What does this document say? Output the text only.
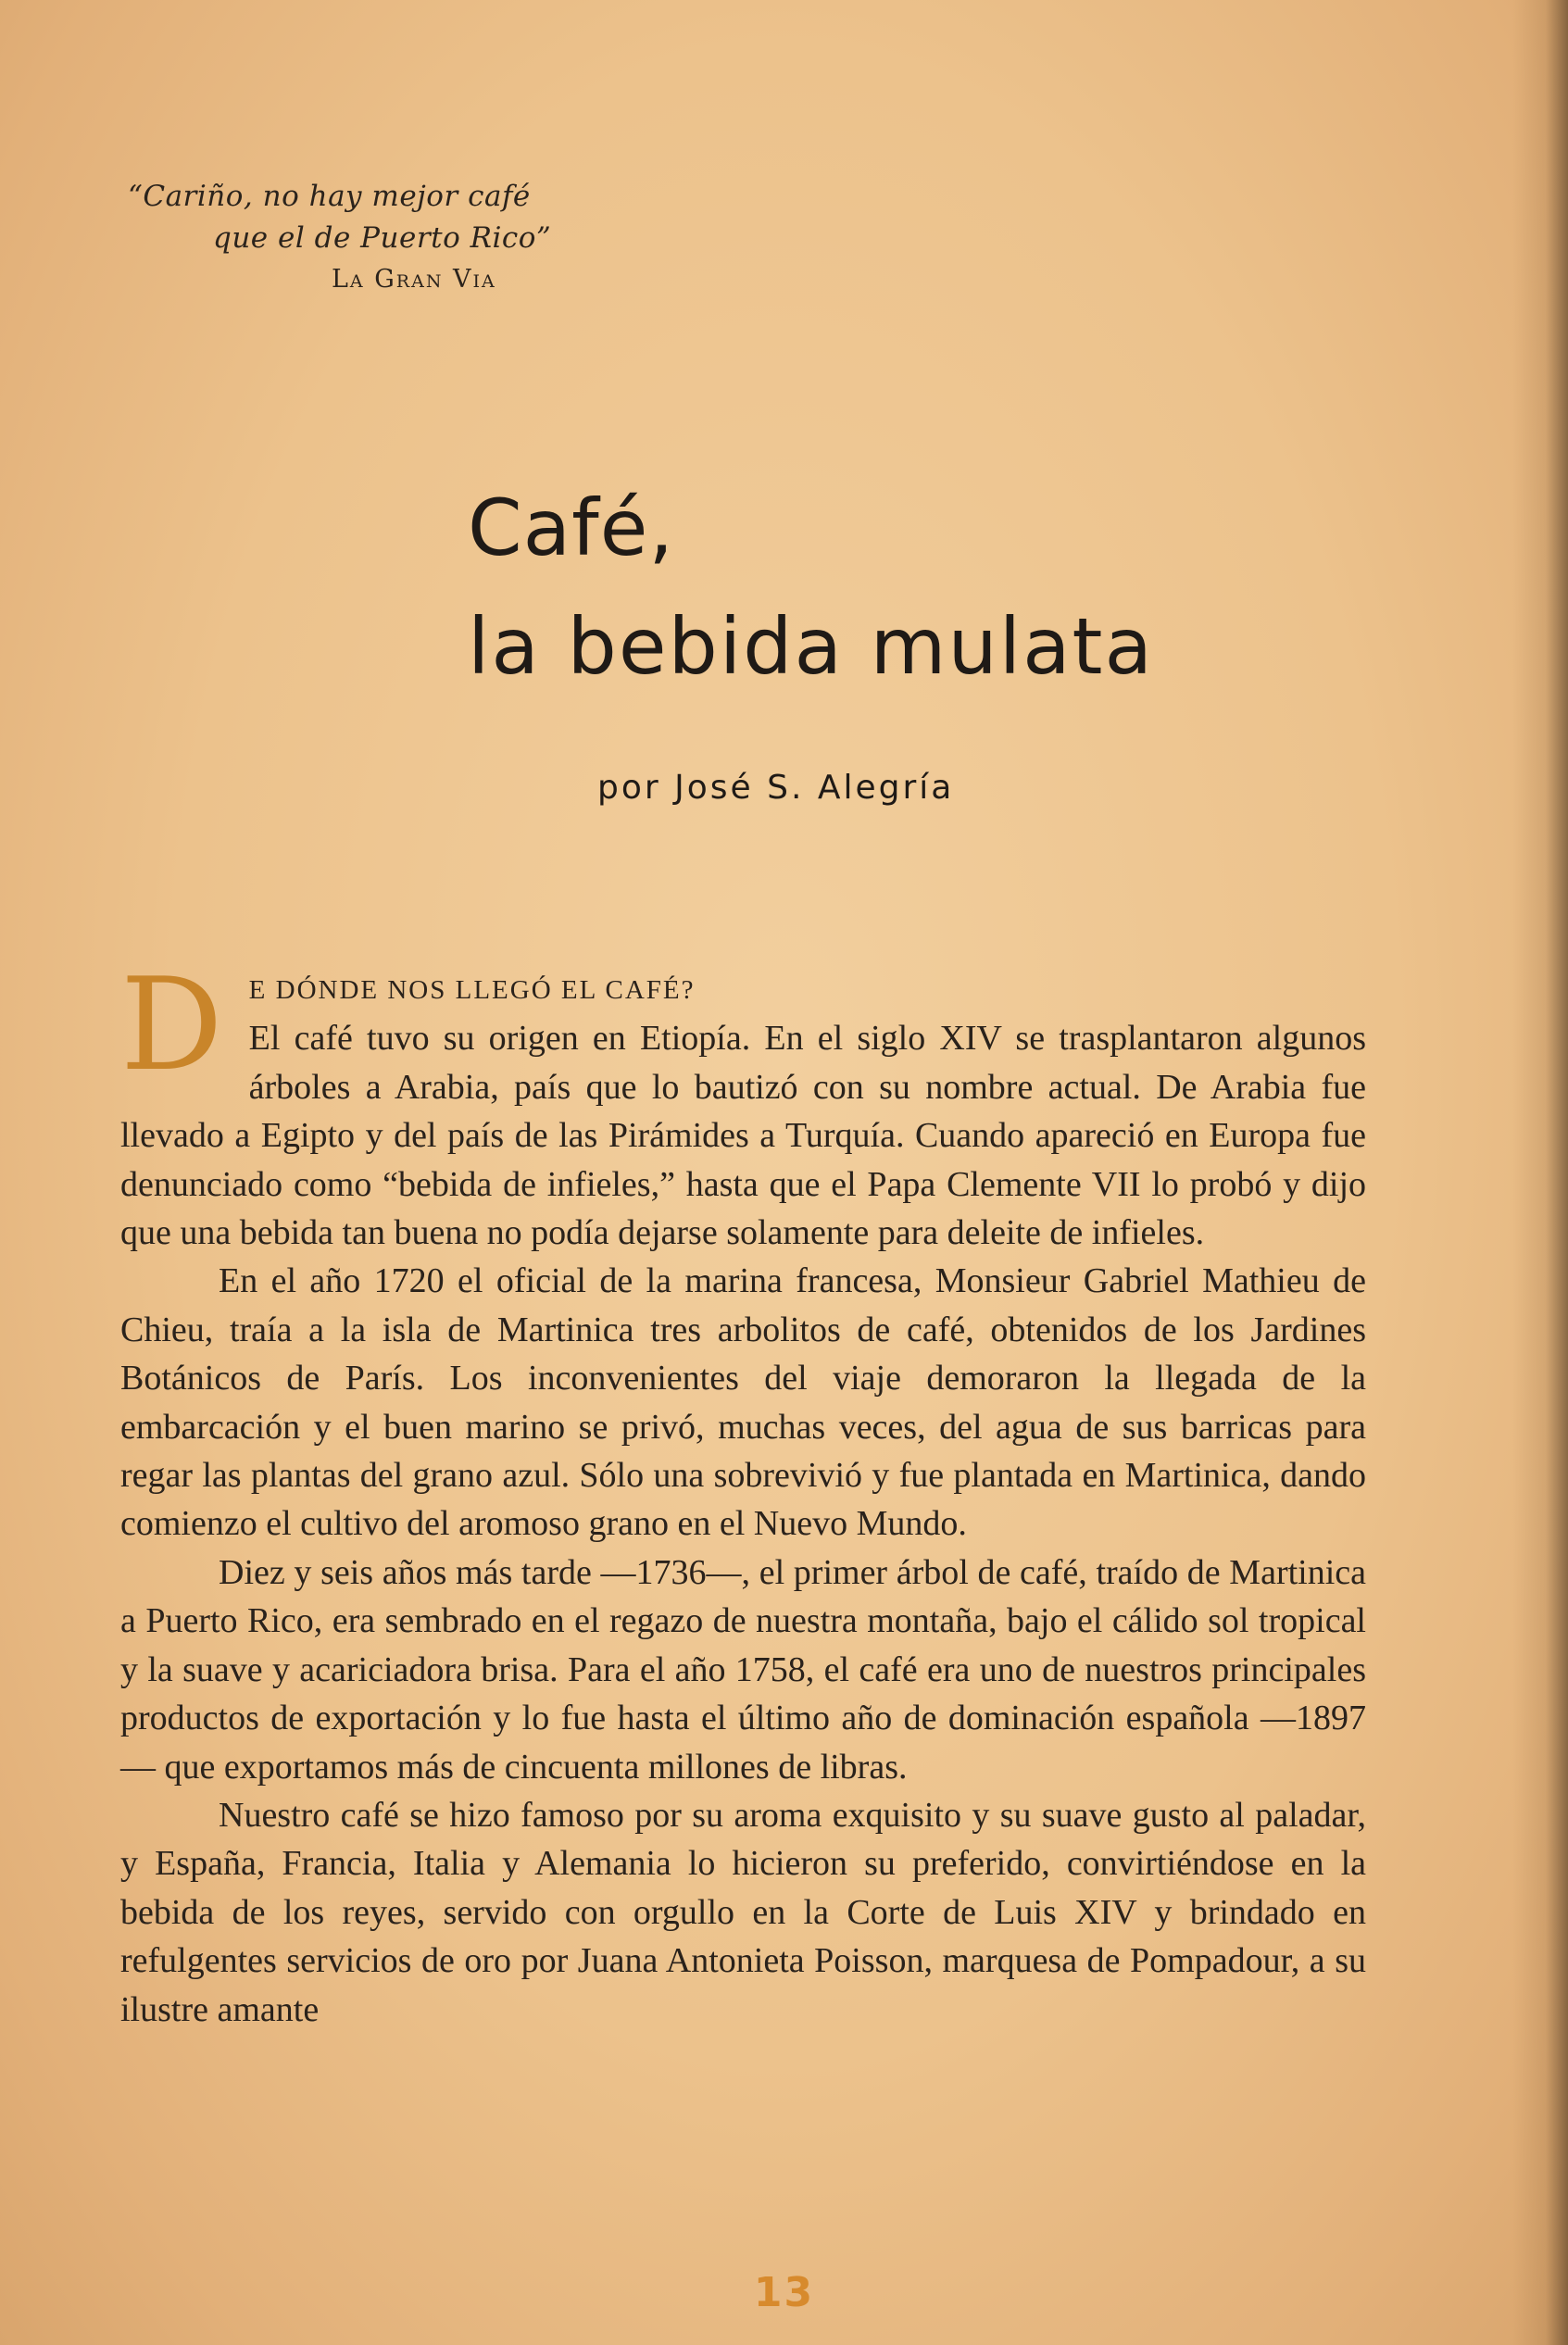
“Cariño, no hay mejor café
que el de Puerto Rico”
La Gran Via
Café,
la bebida mulata
por José S. Alegría

D E DÓNDE NOS LLEGÓ EL CAFÉ?
El café tuvo su origen en Etiopía. En el siglo XIV se trasplantaron algunos árboles a Arabia, país que lo bautizó con su nombre actual. De Arabia fue llevado a Egipto y del país de las Pirámides a Turquía. Cuando apareció en Europa fue denunciado como “bebida de infieles,” hasta que el Papa Clemente VII lo probó y dijo que una bebida tan buena no podía dejarse solamente para deleite de infieles.

En el año 1720 el oficial de la marina francesa, Monsieur Gabriel Mathieu de Chieu, traía a la isla de Martinica tres arbolitos de café, obtenidos de los Jardines Botánicos de París. Los inconvenientes del viaje demoraron la llegada de la embarcación y el buen marino se privó, muchas veces, del agua de sus barricas para regar las plantas del grano azul. Sólo una sobrevivió y fue plantada en Martinica, dando comienzo el cultivo del aromoso grano en el Nuevo Mundo.

Diez y seis años más tarde —1736—, el primer árbol de café, traído de Martinica a Puerto Rico, era sembrado en el regazo de nuestra montaña, bajo el cálido sol tropical y la suave y acariciadora brisa. Para el año 1758, el café era uno de nuestros principales productos de exportación y lo fue hasta el último año de dominación española —1897— que exportamos más de cincuenta millones de libras.

Nuestro café se hizo famoso por su aroma exquisito y su suave gusto al paladar, y España, Francia, Italia y Alemania lo hicieron su preferido, convirtiéndose en la bebida de los reyes, servido con orgullo en la Corte de Luis XIV y brindado en refulgentes servicios de oro por Juana Antonieta Poisson, marquesa de Pompadour, a su ilustre amante

13
